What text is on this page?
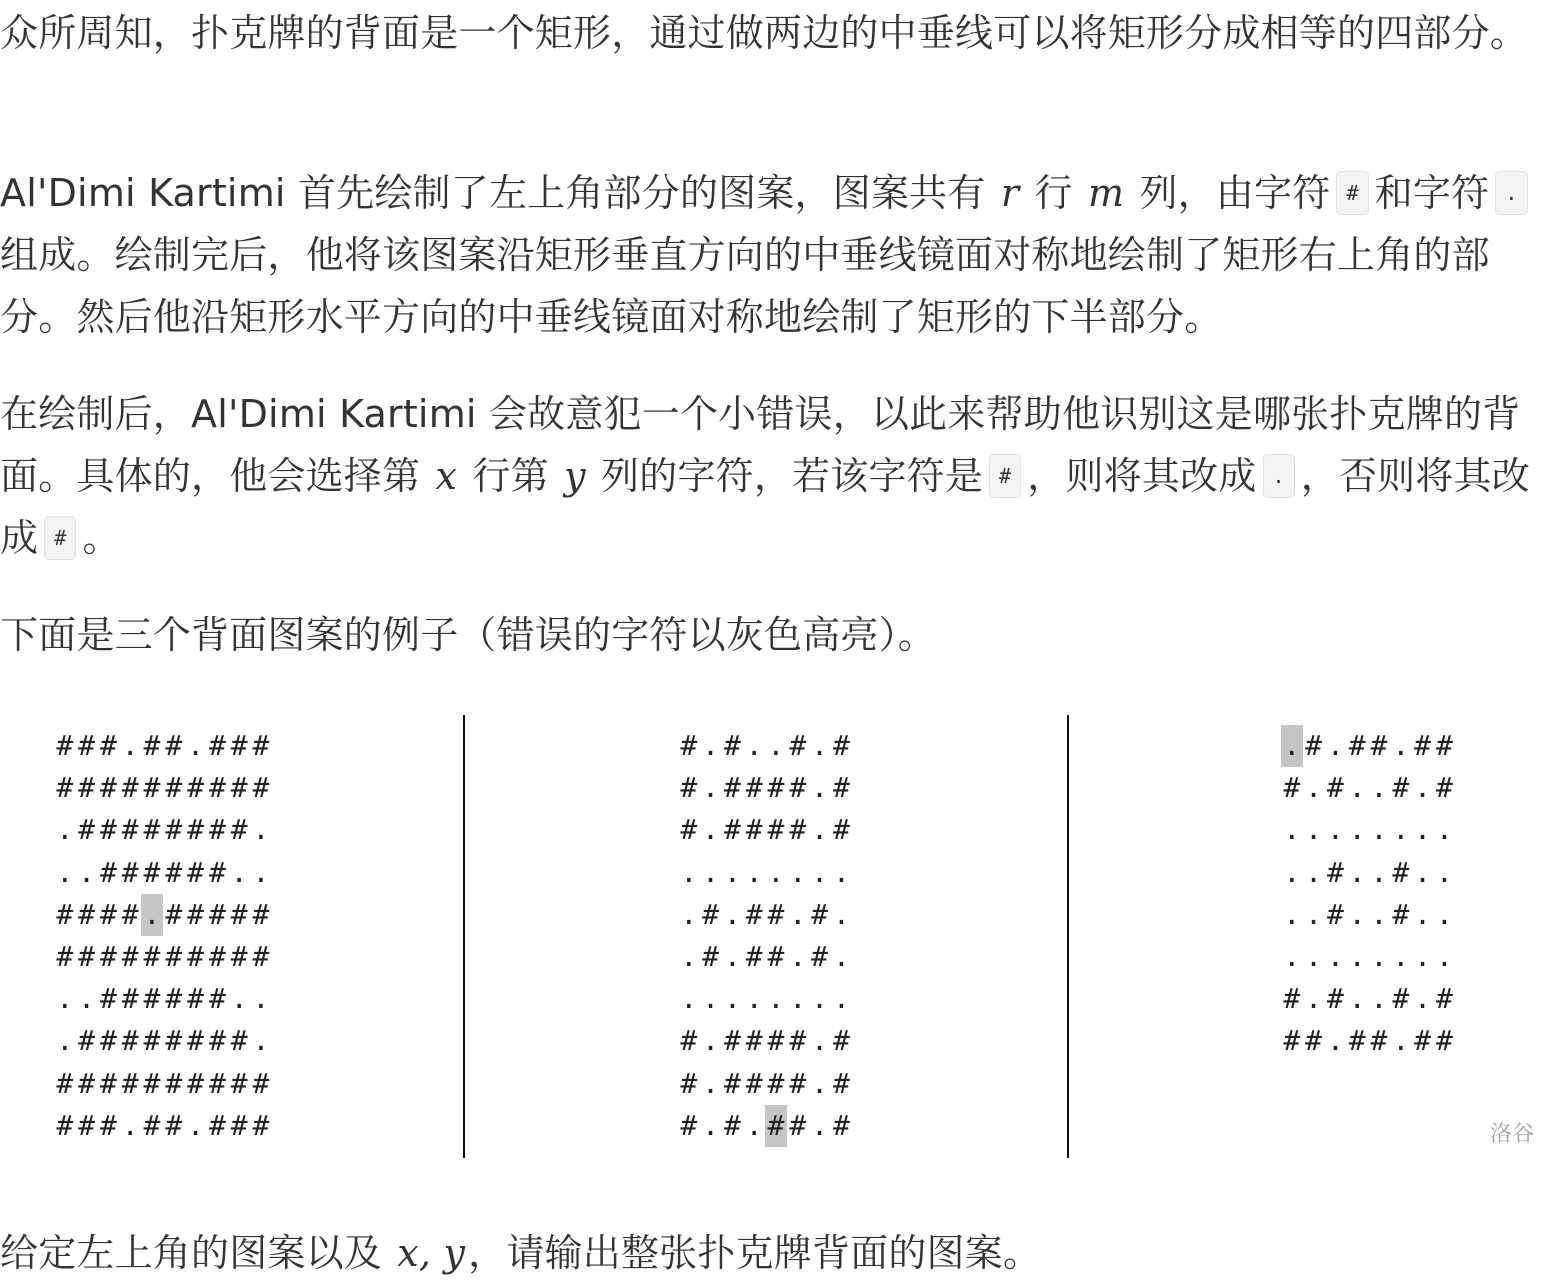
众所周知，扑克牌的背面是一个矩形，通过做两边的中垂线可以将矩形分成相等的四部分。

Al'Dimi Kartimi 首先绘制了左上角部分的图案，图案共有 r 行 m 列，由字符 # 和字符 .组成。绘制完后，他将该图案沿矩形垂直方向的中垂线镜面对称地绘制了矩形右上角的部分。然后他沿矩形水平方向的中垂线镜面对称地绘制了矩形的下半部分。

在绘制后，Al'Dimi Kartimi 会故意犯一个小错误，以此来帮助他识别这是哪张扑克牌的背面。具体的，他会选择第 x 行第 y 列的字符，若该字符是 # ，则将其改成 . ，否则将其改成 # 。

下面是三个背面图案的例子（错误的字符以灰色高亮）。

# # # . # # . # # #
# # # # # # # # # #
. # # # # # # # # .
. . # # # # # # . .
# # # # . # # # # #
# # # # # # # # # #
. . # # # # # # . .
. # # # # # # # # .
# # # # # # # # # #
# # # . # # . # # #
# . # . . # . #
# . # # # # . #
# . # # # # . #
. . . . . . . .
. # . # # . # .
. # . # # . # .
. . . . . . . .
# . # # # # . #
# . # # # # . #
# . # . # # . #
. # . # # . # #
# . # . . # . #
. . . . . . . .
. . # . . # . .
. . # . . # . .
. . . . . . . .
# . # . . # . #
# # . # # . # #
洛谷

给定左上角的图案以及 x, y，请输出整张扑克牌背面的图案。
